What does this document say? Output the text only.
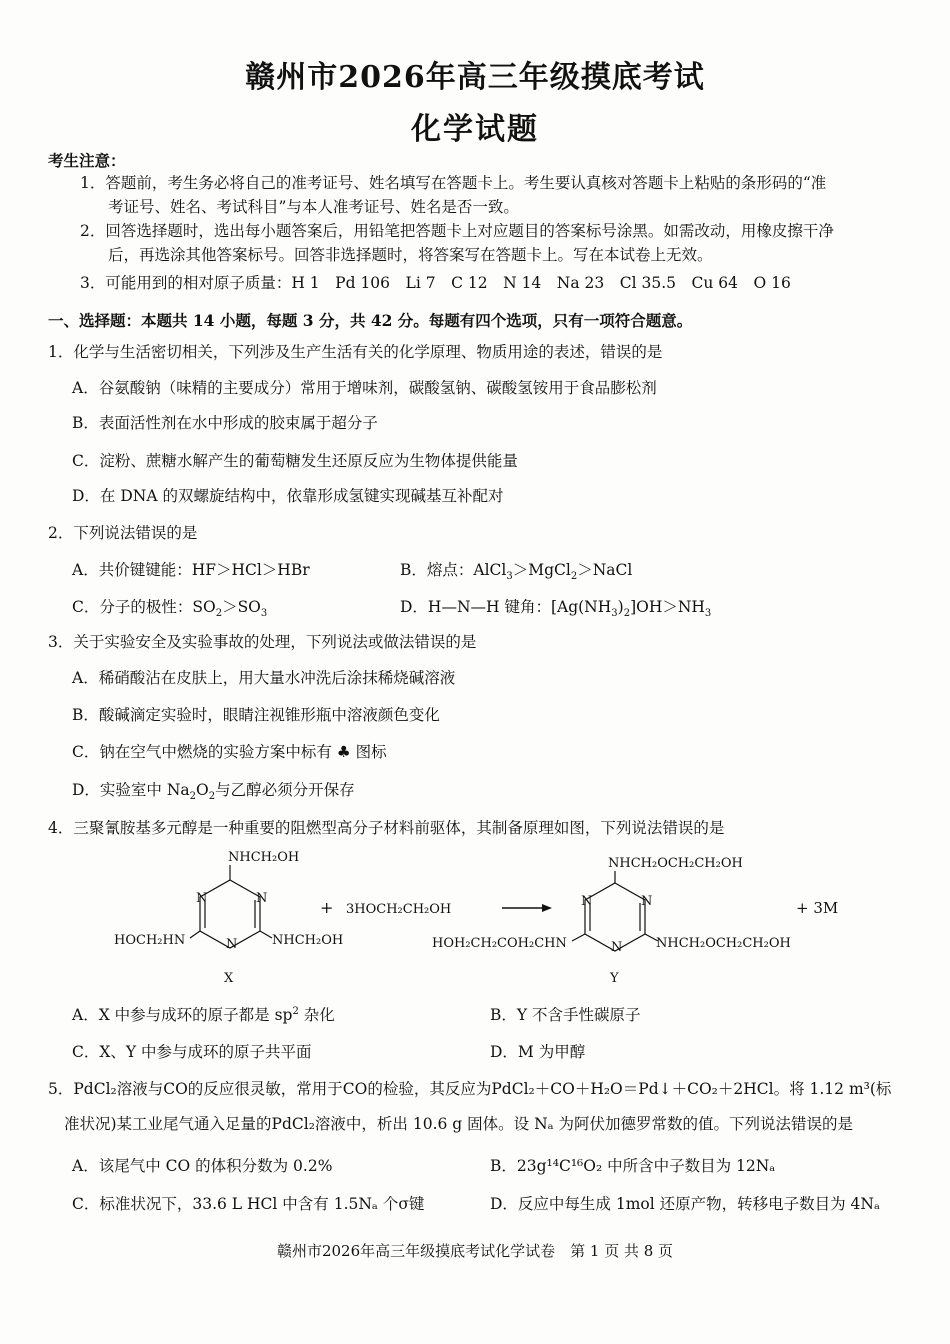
赣州市2026年高三年级摸底考试
化学试题
考生注意：
1．答题前，考生务必将自己的准考证号、姓名填写在答题卡上。考生要认真核对答题卡上粘贴的条形码的“准
考证号、姓名、考试科目”与本人准考证号、姓名是否一致。
2．回答选择题时，选出每小题答案后，用铅笔把答题卡上对应题目的答案标号涂黑。如需改动，用橡皮擦干净
后，再选涂其他答案标号。回答非选择题时，将答案写在答题卡上。写在本试卷上无效。
3．可能用到的相对原子质量：H 1　Pd 106　Li 7　C 12　N 14　Na 23　Cl 35.5　Cu 64　O 16
一、选择题：本题共 14 小题，每题 3 分，共 42 分。每题有四个选项，只有一项符合题意。
1．化学与生活密切相关，下列涉及生产生活有关的化学原理、物质用途的表述，错误的是
A．谷氨酸钠（味精的主要成分）常用于增味剂，碳酸氢钠、碳酸氢铵用于食品膨松剂
B．表面活性剂在水中形成的胶束属于超分子
C．淀粉、蔗糖水解产生的葡萄糖发生还原反应为生物体提供能量
D．在 DNA 的双螺旋结构中，依靠形成氢键实现碱基互补配对
2．下列说法错误的是
A．共价键键能：HF＞HCl＞HBr	B．熔点：AlCl$_3$＞MgCl$_2$＞NaCl
C．分子的极性：$SO_2>SO_3$	D．H—N—H 键角：$[Ag(NH_3)_2]OH>NH_3$
3．关于实验安全及实验事故的处理，下列说法或做法错误的是
A．稀硝酸沾在皮肤上，用大量水冲洗后涂抹稀烧碱溶液
B．酸碱滴定实验时，眼睛注视锥形瓶中溶液颜色变化
C．钠在空气中燃烧的实验方案中标有 ♣ 图标
D．实验室中 $Na_2O_2$与乙醇必须分开保存
4．三聚氰胺基多元醇是一种重要的阻燃型高分子材料前驱体，其制备原理如图，下列说法错误的是
N	N
N
NHCH₂OH
HOCH₂HN	NHCH₂OH
X
+ 3HOCH₂CH₂OH
N	N
N
NHCH₂OCH₂CH₂OH
HOH₂CH₂COH₂CHN	NHCH₂OCH₂CH₂OH
Y
+ 3M
A．X 中参与成环的原子都是 $sp^2$ 杂化	B．Y 不含手性碳原子
C．X、Y 中参与成环的原子共平面	D．M 为甲醇
5．PdCl₂溶液与CO的反应很灵敏，常用于CO的检验，其反应为PdCl₂＋CO＋H₂O＝Pd↓＋CO₂＋2HCl。将 1.12 m³(标
准状况)某工业尾气通入足量的PdCl₂溶液中，析出 10.6 g 固体。设 Nₐ 为阿伏加德罗常数的值。下列说法错误的是
A．该尾气中 CO 的体积分数为 0.2%	B．23g¹⁴C¹⁶O₂ 中所含中子数目为 12Nₐ
C．标准状况下，33.6 L HCl 中含有 1.5Nₐ 个σ键	D．反应中每生成 1mol 还原产物，转移电子数目为 4Nₐ
赣州市2026年高三年级摸底考试化学试卷　第 1 页 共 8 页
